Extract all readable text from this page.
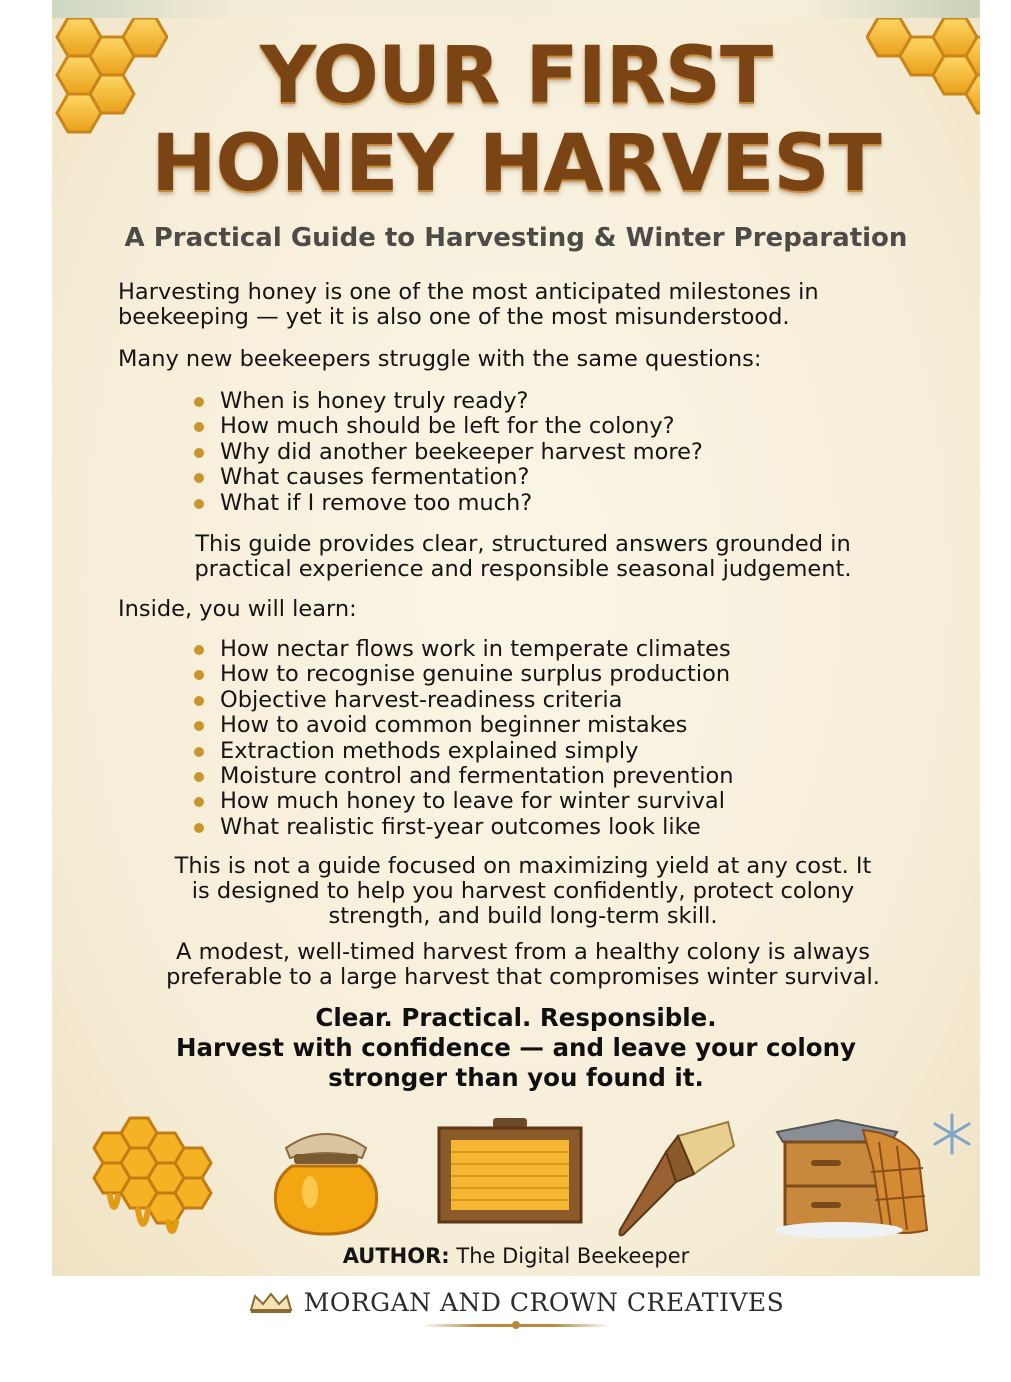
YOUR FIRST
HONEY HARVEST
A Practical Guide to Harvesting & Winter Preparation
Harvesting honey is one of the most anticipated milestones in
beekeeping — yet it is also one of the most misunderstood.
Many new beekeepers struggle with the same questions:
When is honey truly ready?
How much should be left for the colony?
Why did another beekeeper harvest more?
What causes fermentation?
What if I remove too much?
This guide provides clear, structured answers grounded in
practical experience and responsible seasonal judgement.
Inside, you will learn:
How nectar flows work in temperate climates
How to recognise genuine surplus production
Objective harvest-readiness criteria
How to avoid common beginner mistakes
Extraction methods explained simply
Moisture control and fermentation prevention
How much honey to leave for winter survival
What realistic first-year outcomes look like
This is not a guide focused on maximizing yield at any cost. It
is designed to help you harvest confidently, protect colony
strength, and build long-term skill.
A modest, well-timed harvest from a healthy colony is always
preferable to a large harvest that compromises winter survival.
Clear. Practical. Responsible.
Harvest with confidence — and leave your colony
stronger than you found it.
AUTHOR: The Digital Beekeeper
MORGAN AND CROWN CREATIVES
